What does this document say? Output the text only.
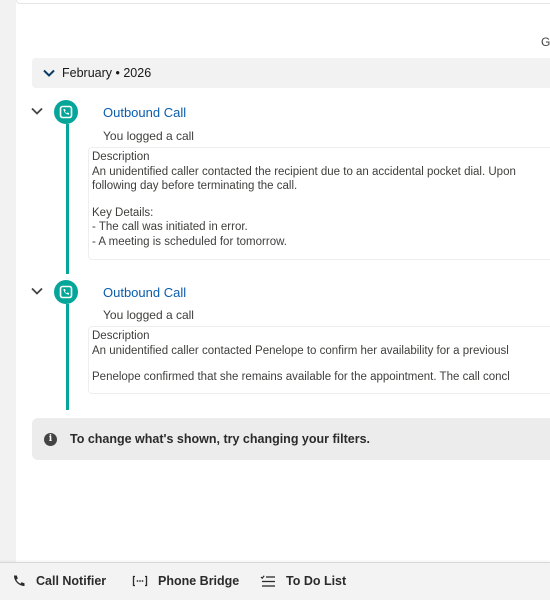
G
February • 2026
Outbound Call
You logged a call
Description
An unidentified caller contacted the recipient due to an accidental pocket dial. Upon
following day before terminating the call.
Key Details:
- The call was initiated in error.
- A meeting is scheduled for tomorrow.
Outbound Call
You logged a call
Description
An unidentified caller contacted Penelope to confirm her availability for a previousl
Penelope confirmed that she remains available for the appointment. The call concl
i	To change what's shown, try changing your filters.
Call Notifier	Phone Bridge	To Do List
